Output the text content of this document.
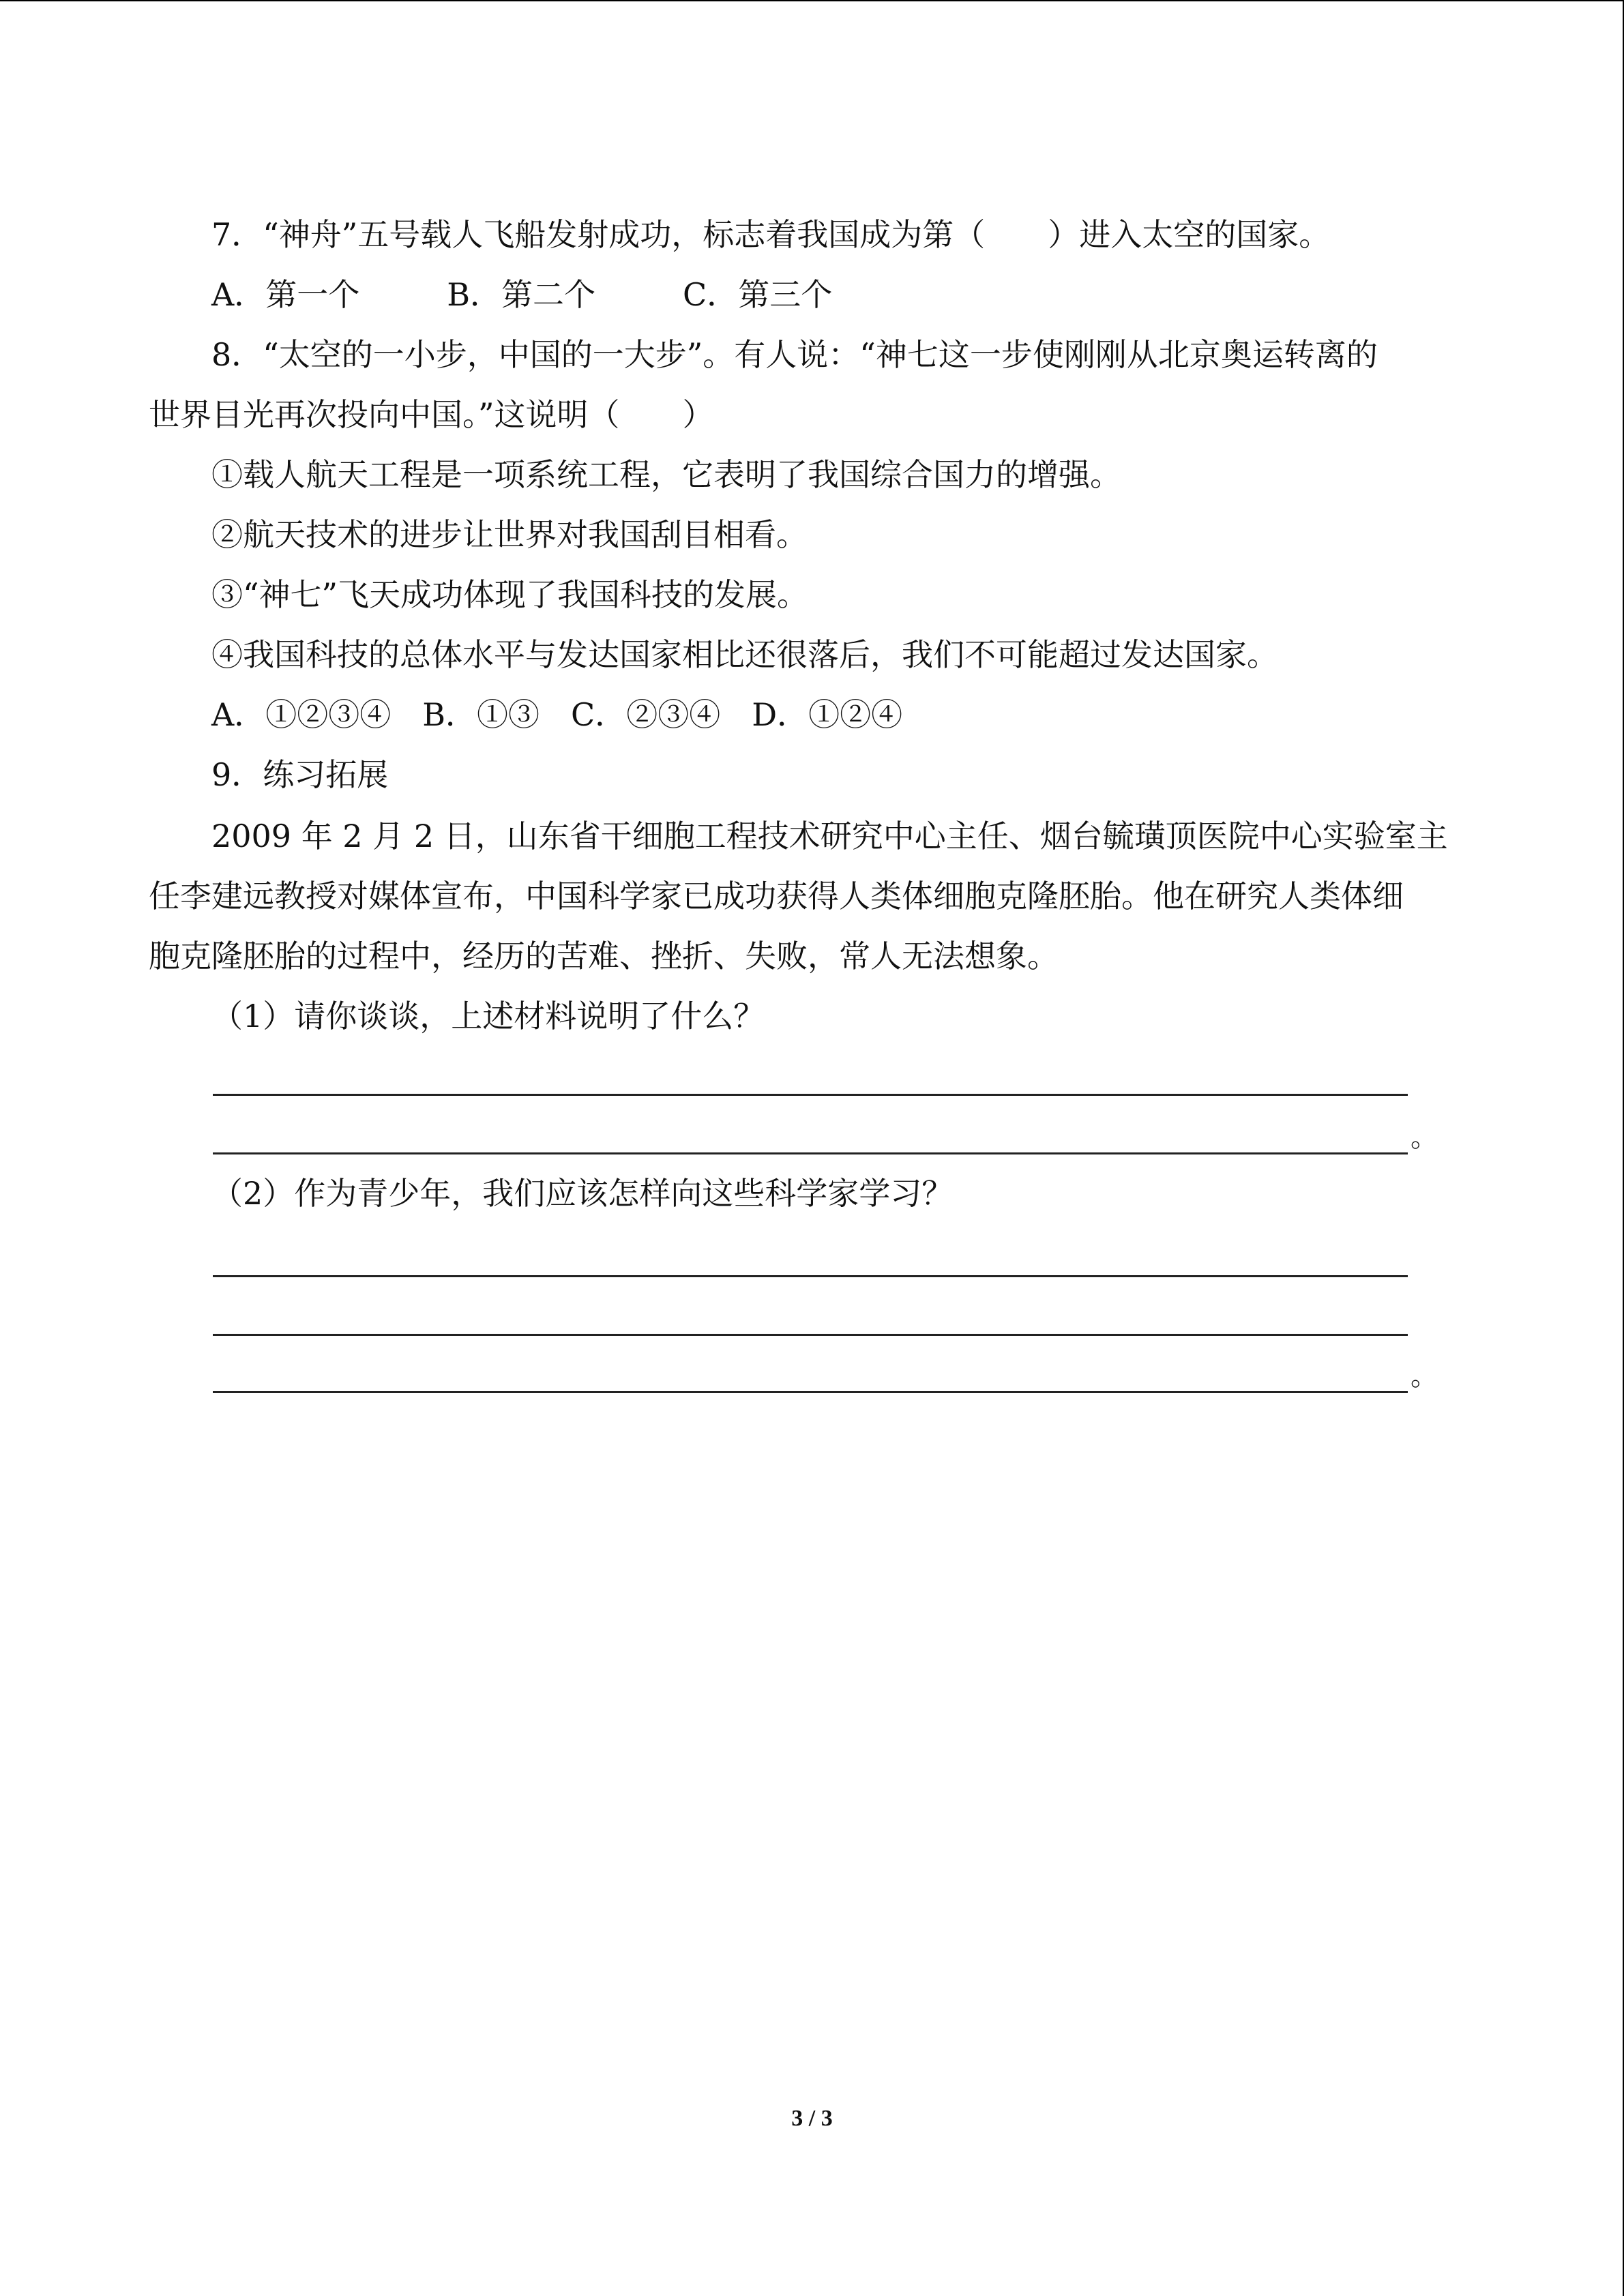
7．“神舟”五号载人飞船发射成功，标志着我国成为第（　　）进入太空的国家。
A．第一个	B．第二个	C．第三个
8．“太空的一小步，中国的一大步”。有人说：“神七这一步使刚刚从北京奥运转离的
世界目光再次投向中国。”这说明（　　）
①载人航天工程是一项系统工程，它表明了我国综合国力的增强。
②航天技术的进步让世界对我国刮目相看。
③“神七”飞天成功体现了我国科技的发展。
④我国科技的总体水平与发达国家相比还很落后，我们不可能超过发达国家。
A．①②③④ B．①③ C．②③④ D．①②④
9．练习拓展
2009 年 2 月 2 日，山东省干细胞工程技术研究中心主任、烟台毓璜顶医院中心实验室主
任李建远教授对媒体宣布，中国科学家已成功获得人类体细胞克隆胚胎。他在研究人类体细
胞克隆胚胎的过程中，经历的苦难、挫折、失败，常人无法想象。
（1）请你谈谈，上述材料说明了什么？
。
（2）作为青少年，我们应该怎样向这些科学家学习？
。
3 / 3
